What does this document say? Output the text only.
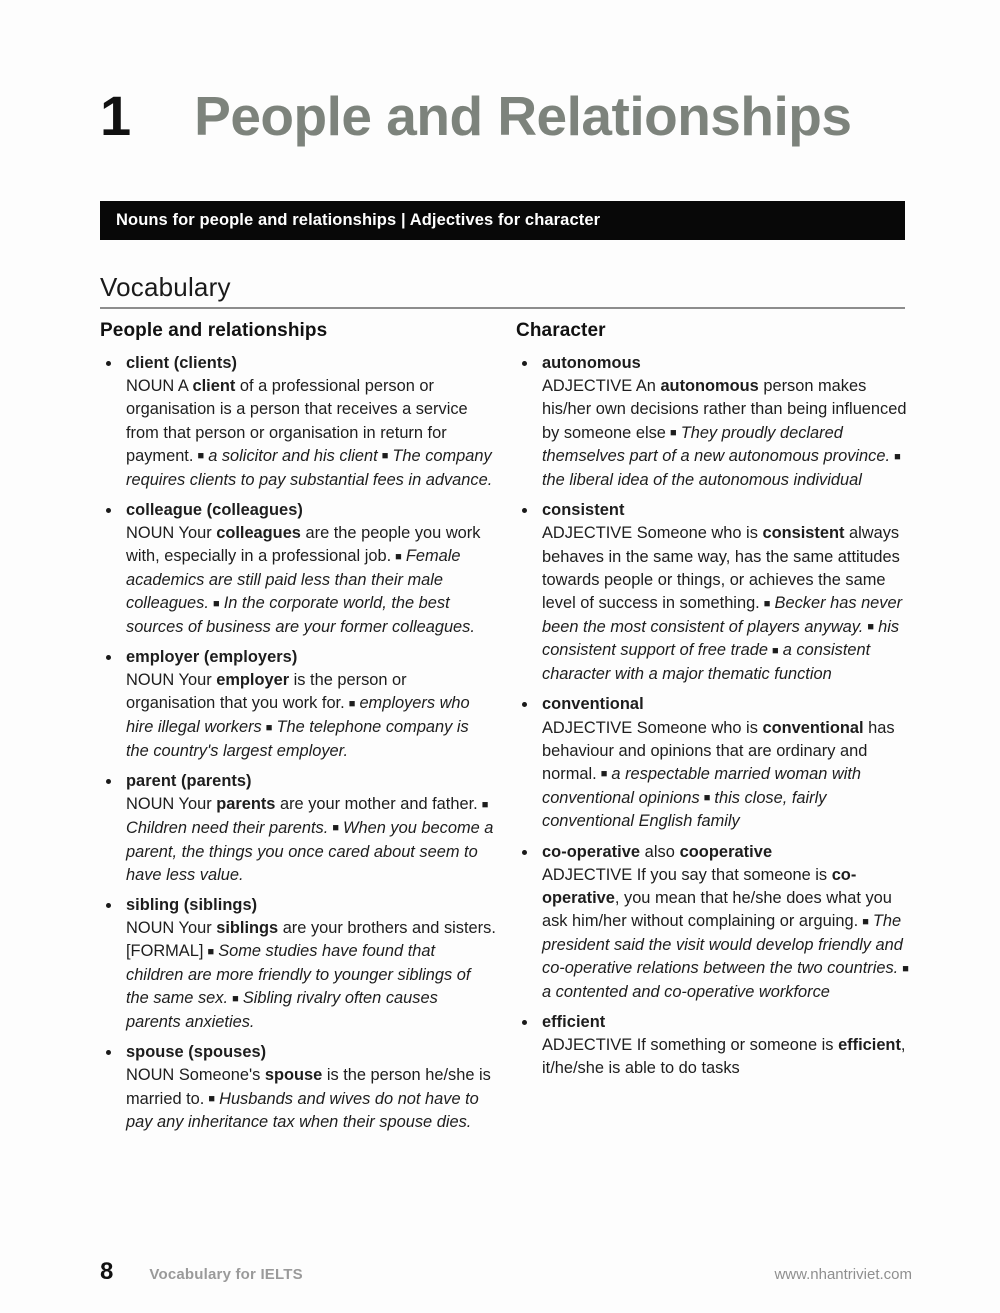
1 People and Relationships
Nouns for people and relationships | Adjectives for character
Vocabulary
People and relationships
client (clients)
NOUN A client of a professional person or organisation is a person that receives a service from that person or organisation in return for payment. ■ a solicitor and his client ■ The company requires clients to pay substantial fees in advance.
colleague (colleagues)
NOUN Your colleagues are the people you work with, especially in a professional job. ■ Female academics are still paid less than their male colleagues. ■ In the corporate world, the best sources of business are your former colleagues.
employer (employers)
NOUN Your employer is the person or organisation that you work for. ■ employers who hire illegal workers ■ The telephone company is the country's largest employer.
parent (parents)
NOUN Your parents are your mother and father. ■ Children need their parents. ■ When you become a parent, the things you once cared about seem to have less value.
sibling (siblings)
NOUN Your siblings are your brothers and sisters. [FORMAL] ■ Some studies have found that children are more friendly to younger siblings of the same sex. ■ Sibling rivalry often causes parents anxieties.
spouse (spouses)
NOUN Someone's spouse is the person he/she is married to. ■ Husbands and wives do not have to pay any inheritance tax when their spouse dies.
Character
autonomous
ADJECTIVE An autonomous person makes his/her own decisions rather than being influenced by someone else ■ They proudly declared themselves part of a new autonomous province. ■ the liberal idea of the autonomous individual
consistent
ADJECTIVE Someone who is consistent always behaves in the same way, has the same attitudes towards people or things, or achieves the same level of success in something. ■ Becker has never been the most consistent of players anyway. ■ his consistent support of free trade ■ a consistent character with a major thematic function
conventional
ADJECTIVE Someone who is conventional has behaviour and opinions that are ordinary and normal. ■ a respectable married woman with conventional opinions ■ this close, fairly conventional English family
co-operative also cooperative
ADJECTIVE If you say that someone is co-operative, you mean that he/she does what you ask him/her without complaining or arguing. ■ The president said the visit would develop friendly and co-operative relations between the two countries. ■ a contented and co-operative workforce
efficient
ADJECTIVE If something or someone is efficient, it/he/she is able to do tasks
8 Vocabulary for IELTS	www.nhantriviet.com
